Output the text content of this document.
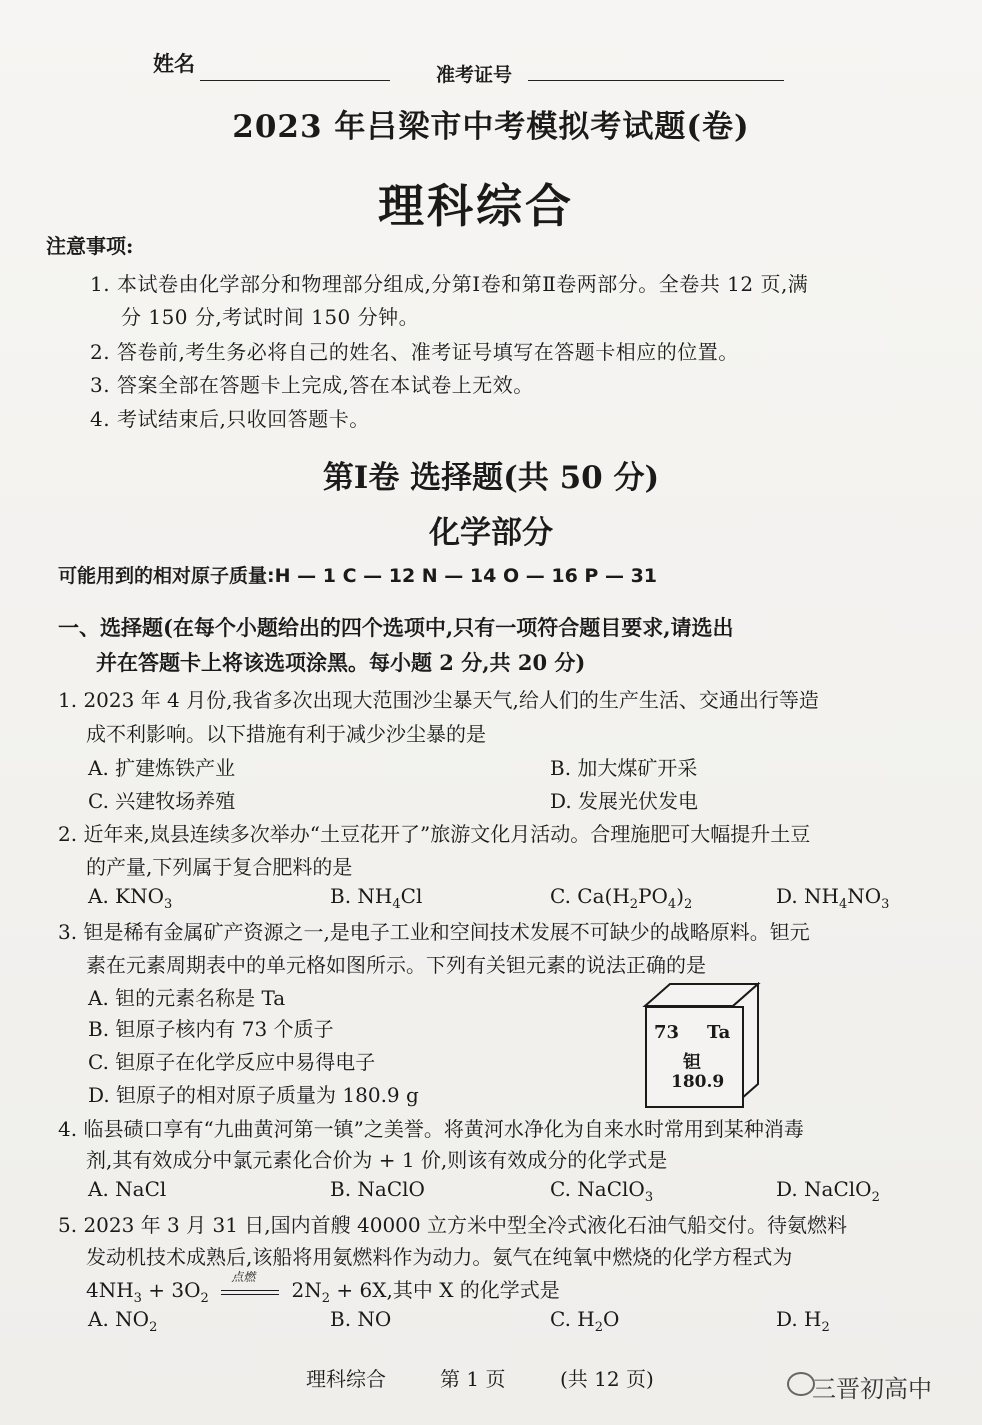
姓名	准考证号
2023 年吕梁市中考模拟考试题(卷)
理科综合
注意事项:
1. 本试卷由化学部分和物理部分组成,分第Ⅰ卷和第Ⅱ卷两部分。全卷共 12 页,满
分 150 分,考试时间 150 分钟。
2. 答卷前,考生务必将自己的姓名、准考证号填写在答题卡相应的位置。
3. 答案全部在答题卡上完成,答在本试卷上无效。
4. 考试结束后,只收回答题卡。
第Ⅰ卷 选择题(共 50 分)
化学部分
可能用到的相对原子质量:H — 1 C — 12 N — 14 O — 16 P — 31
一、选择题(在每个小题给出的四个选项中,只有一项符合题目要求,请选出
并在答题卡上将该选项涂黑。每小题 2 分,共 20 分)
1. 2023 年 4 月份,我省多次出现大范围沙尘暴天气,给人们的生产生活、交通出行等造
成不利影响。以下措施有利于减少沙尘暴的是
A. 扩建炼铁产业	B. 加大煤矿开采
C. 兴建牧场养殖	D. 发展光伏发电
2. 近年来,岚县连续多次举办“土豆花开了”旅游文化月活动。合理施肥可大幅提升土豆
的产量,下列属于复合肥料的是
A. $KNO_3$	B. $NH_4Cl$	C. $Ca(H_2PO_4)_2$	D. $NH_4NO_3$
3. 钽是稀有金属矿产资源之一,是电子工业和空间技术发展不可缺少的战略原料。钽元
素在元素周期表中的单元格如图所示。下列有关钽元素的说法正确的是
A. 钽的元素名称是 Ta
B. 钽原子核内有 73 个质子
C. 钽原子在化学反应中易得电子
D. 钽原子的相对原子质量为 180.9 g
73 Ta
钽
180.9
4. 临县碛口享有“九曲黄河第一镇”之美誉。将黄河水净化为自来水时常用到某种消毒
剂,其有效成分中氯元素化合价为 + 1 价,则该有效成分的化学式是
A. NaCl	B. NaClO	C. NaClO$_3$	D. NaClO$_2$
5. 2023 年 3 月 31 日,国内首艘 40000 立方米中型全冷式液化石油气船交付。待氨燃料
发动机技术成熟后,该船将用氨燃料作为动力。氨气在纯氧中燃烧的化学方程式为
$4NH_3 + 3O_2$
点燃
$2N_2 + 6X$,其中 X 的化学式是
A. $NO_2$	B. NO	C. $H_2O$	D. $H_2$
理科综合	第 1 页	(共 12 页)	三晋初高中
